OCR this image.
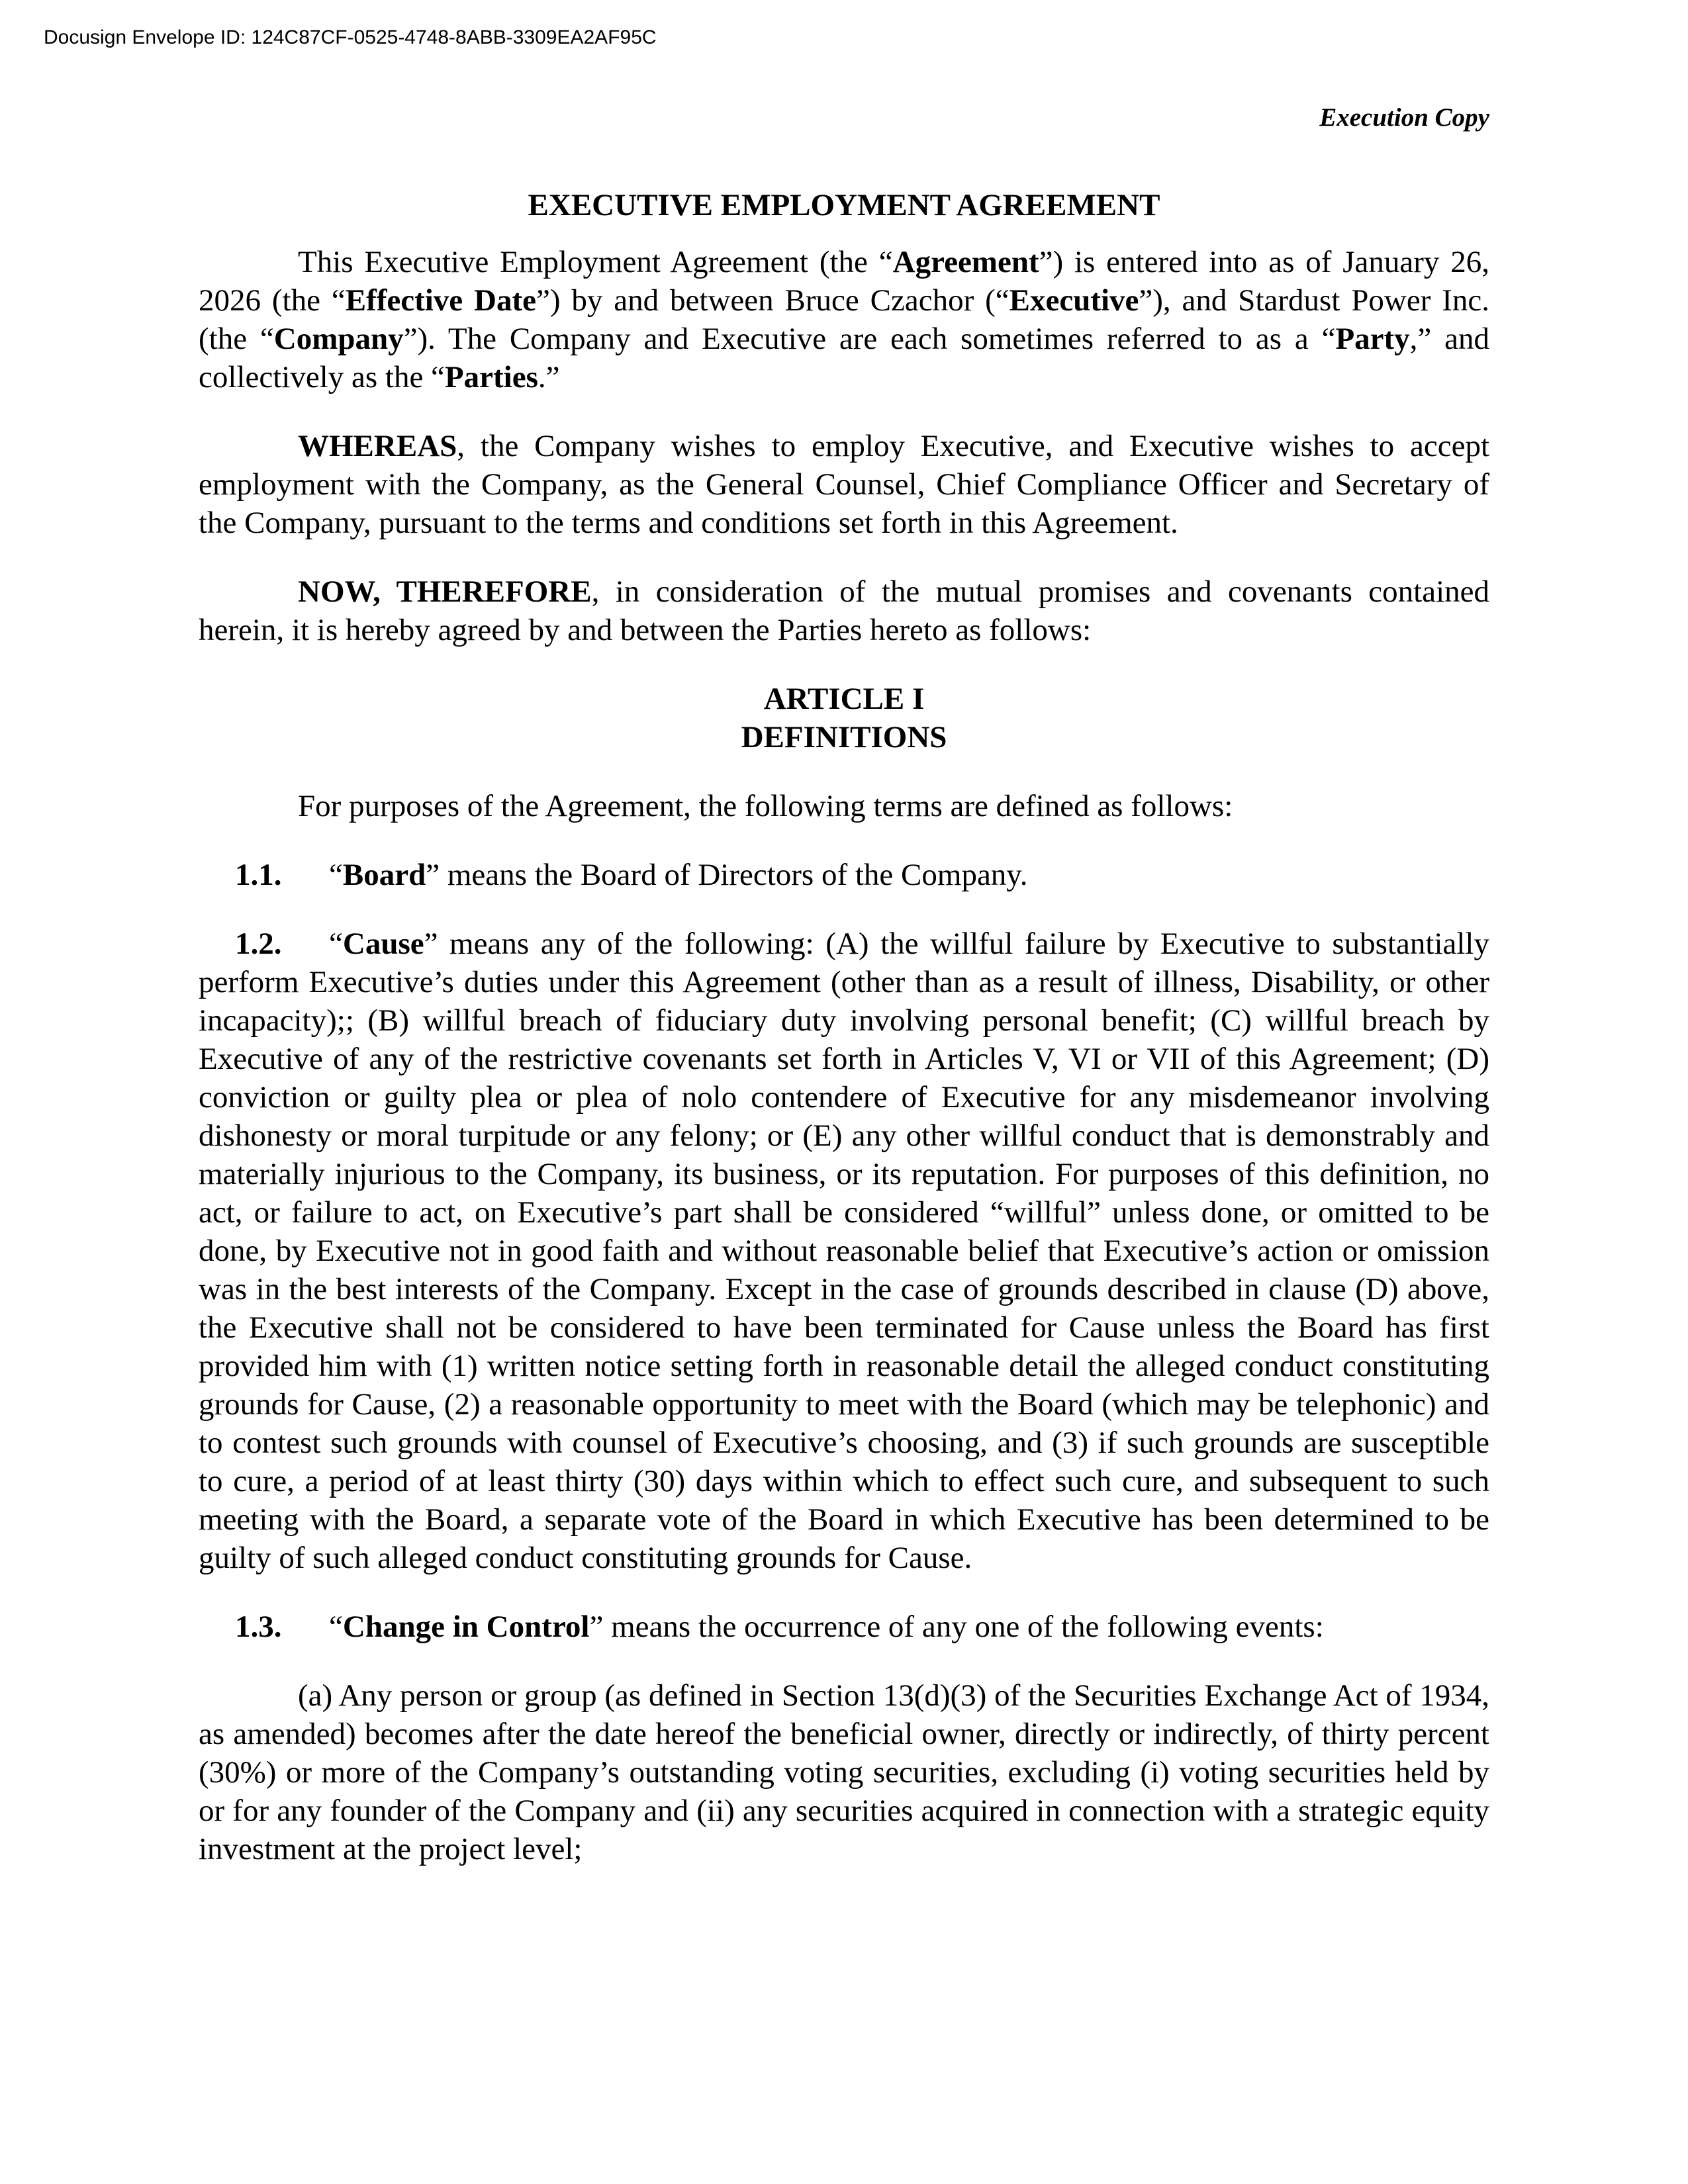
Docusign Envelope ID: 124C87CF-0525-4748-8ABB-3309EA2AF95C
Execution Copy
EXECUTIVE EMPLOYMENT AGREEMENT

This Executive Employment Agreement (the “Agreement”) is entered into as of January 26, 2026 (the “Effective Date”) by and between Bruce Czachor (“Executive”), and Stardust Power Inc. (the “Company”). The Company and Executive are each sometimes referred to as a “Party,” and collectively as the “Parties.”

WHEREAS, the Company wishes to employ Executive, and Executive wishes to accept employment with the Company, as the General Counsel, Chief Compliance Officer and Secretary of the Company, pursuant to the terms and conditions set forth in this Agreement.

NOW, THEREFORE, in consideration of the mutual promises and covenants contained herein, it is hereby agreed by and between the Parties hereto as follows:

ARTICLE I

DEFINITIONS

For purposes of the Agreement, the following terms are defined as follows:

1.1. “Board” means the Board of Directors of the Company.

1.2. “Cause” means any of the following: (A) the willful failure by Executive to substantially perform Executive’s duties under this Agreement (other than as a result of illness, Disability, or other incapacity);; (B) willful breach of fiduciary duty involving personal benefit; (C) willful breach by Executive of any of the restrictive covenants set forth in Articles V, VI or VII of this Agreement; (D) conviction or guilty plea or plea of nolo contendere of Executive for any misdemeanor involving dishonesty or moral turpitude or any felony; or (E) any other willful conduct that is demonstrably and materially injurious to the Company, its business, or its reputation. For purposes of this definition, no act, or failure to act, on Executive’s part shall be considered “willful” unless done, or omitted to be done, by Executive not in good faith and without reasonable belief that Executive’s action or omission was in the best interests of the Company. Except in the case of grounds described in clause (D) above, the Executive shall not be considered to have been terminated for Cause unless the Board has first provided him with (1) written notice setting forth in reasonable detail the alleged conduct constituting grounds for Cause, (2) a reasonable opportunity to meet with the Board (which may be telephonic) and to contest such grounds with counsel of Executive’s choosing, and (3) if such grounds are susceptible to cure, a period of at least thirty (30) days within which to effect such cure, and subsequent to such meeting with the Board, a separate vote of the Board in which Executive has been determined to be guilty of such alleged conduct constituting grounds for Cause.

1.3. “Change in Control” means the occurrence of any one of the following events:

(a) Any person or group (as defined in Section 13(d)(3) of the Securities Exchange Act of 1934, as amended) becomes after the date hereof the beneficial owner, directly or indirectly, of thirty percent (30%) or more of the Company’s outstanding voting securities, excluding (i) voting securities held by or for any founder of the Company and (ii) any securities acquired in connection with a strategic equity investment at the project level;
